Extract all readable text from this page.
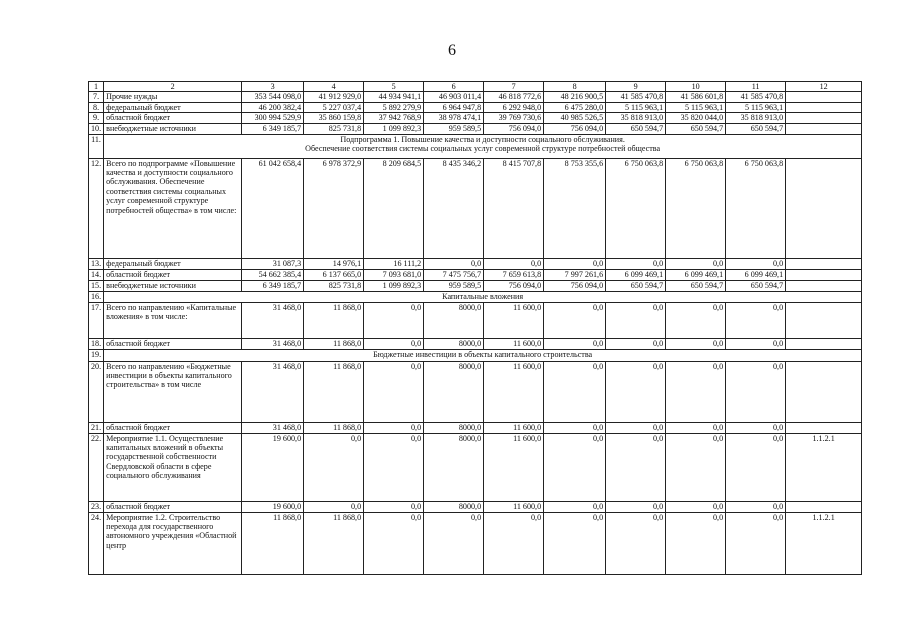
6
1	2	3	4	5	6	7	8	9	10	11	12
7.	Прочие нужды	353 544 098,0	41 912 929,0	44 934 941,1	46 903 011,4	46 818 772,6	48 216 900,5	41 585 470,8	41 586 601,8	41 585 470,8	
8.	федеральный бюджет	46 200 382,4	5 227 037,4	5 892 279,9	6 964 947,8	6 292 948,0	6 475 280,0	5 115 963,1	5 115 963,1	5 115 963,1	
9.	областной бюджет	300 994 529,9	35 860 159,8	37 942 768,9	38 978 474,1	39 769 730,6	40 985 526,5	35 818 913,0	35 820 044,0	35 818 913,0	
10.	внебюджетные источники	6 349 185,7	825 731,8	1 099 892,3	959 589,5	756 094,0	756 094,0	650 594,7	650 594,7	650 594,7	
11.	Подпрограмма 1. Повышение качества и доступности социального обслуживания.
Обеспечение соответствия системы социальных услуг современной структуре потребностей общества										

12.	Всего по подпрограмме «Повышение качества и доступности социального обслуживания. Обеспечение соответствия системы социальных услуг современной структуре потребностей общества» в том числе:	61 042 658,4	6 978 372,9	8 209 684,5	8 435 346,2	8 415 707,8	8 753 355,6	6 750 063,8	6 750 063,8	6 750 063,8	
13.	федеральный бюджет	31 087,3	14 976,1	16 111,2	0,0	0,0	0,0	0,0	0,0	0,0	
14.	областной бюджет	54 662 385,4	6 137 665,0	7 093 681,0	7 475 756,7	7 659 613,8	7 997 261,6	6 099 469,1	6 099 469,1	6 099 469,1	
15.	внебюджетные источники	6 349 185,7	825 731,8	1 099 892,3	959 589,5	756 094,0	756 094,0	650 594,7	650 594,7	650 594,7	
16.	Капитальные вложения										

17.	Всего по направлению «Капитальные вложения» в том числе:	31 468,0	11 868,0	0,0	8000,0	11 600,0	0,0	0,0	0,0	0,0	
18.	областной бюджет	31 468,0	11 868,0	0,0	8000,0	11 600,0	0,0	0,0	0,0	0,0	
19.	Бюджетные инвестиции в объекты капитального строительства										

20.	Всего по направлению «Бюджетные инвестиции в объекты капитального строительства» в том числе	31 468,0	11 868,0	0,0	8000,0	11 600,0	0,0	0,0	0,0	0,0	
21.	областной бюджет	31 468,0	11 868,0	0,0	8000,0	11 600,0	0,0	0,0	0,0	0,0	
22.	Мероприятие 1.1. Осуществление капитальных вложений в объекты государственной собственности Свердловской области в сфере социального обслуживания	19 600,0	0,0	0,0	8000,0	11 600,0	0,0	0,0	0,0	0,0	1.1.2.1
23.	областной бюджет	19 600,0	0,0	0,0	8000,0	11 600,0	0,0	0,0	0,0	0,0	
24.	Мероприятие 1.2. Строительство перехода для государственного автономного учреждения «Областной центр	11 868,0	11 868,0	0,0	0,0	0,0	0,0	0,0	0,0	0,0	1.1.2.1
